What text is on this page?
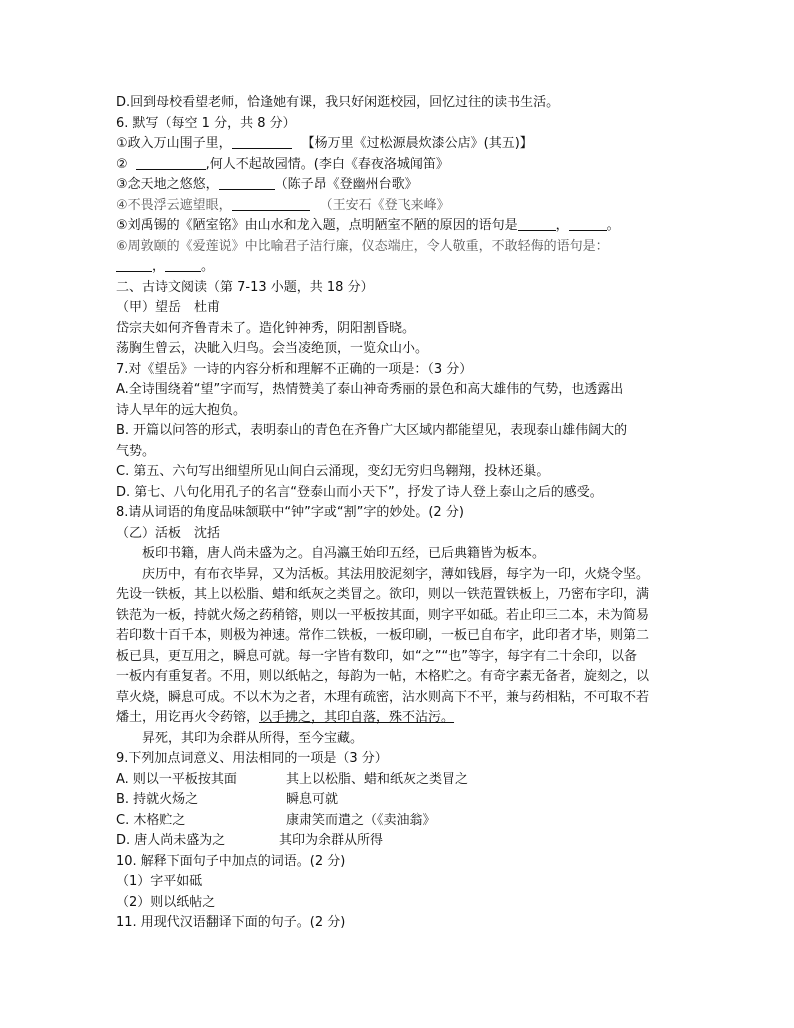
D.回到母校看望老师，恰逢她有课，我只好闲逛校园，回忆过往的读书生活。
6. 默写（每空 1 分，共 8 分）
①政入万山围子里，	【杨万里《过松源晨炊漆公店》(其五)】
②	,何人不起故园情。(李白《春夜洛城闻笛》
③念天地之悠悠，	（陈子昂《登幽州台歌》
④不畏浮云遮望眼，	（王安石《登飞来峰》
⑤刘禹锡的《陋室铭》由山水和龙入题，点明陋室不陋的原因的语句是	，	。
⑥周敦颐的《爱莲说》中比喻君子洁行廉，仪态端庄，令人敬重，不敢轻侮的语句是：
，	。
二、古诗文阅读（第 7-13 小题，共 18 分）
（甲）望岳　杜甫
岱宗夫如何齐鲁青未了。造化钟神秀，阴阳割昏晓。
荡胸生曾云，决眦入归鸟。会当凌绝顶，一览众山小。
7.对《望岳》一诗的内容分析和理解不正确的一项是：（3 分）
A.全诗围绕着“望”字而写，热情赞美了泰山神奇秀丽的景色和高大雄伟的气势，也透露出
诗人早年的远大抱负。
B. 开篇以问答的形式，表明泰山的青色在齐鲁广大区域内都能望见，表现泰山雄伟阔大的
气势。
C. 第五、六句写出细望所见山间白云涌现，变幻无穷归鸟翱翔，投林还巢。
D. 第七、八句化用孔子的名言“登泰山而小天下”，抒发了诗人登上泰山之后的感受。
8.请从词语的角度品味颔联中“钟”字或“割”字的妙处。(2 分)
（乙）活板　沈括
板印书籍，唐人尚未盛为之。自冯瀛王始印五经，已后典籍皆为板本。
庆历中，有布衣毕昇，又为活板。其法用胶泥刻字，薄如钱唇，每字为一印，火烧令坚。
先设一铁板，其上以松脂、蜡和纸灰之类冒之。欲印，则以一铁范置铁板上，乃密布字印，满
铁范为一板，持就火炀之药稍镕，则以一平板按其面，则字平如砥。若止印三二本，未为简易
若印数十百千本，则极为神速。常作二铁板，一板印刷，一板已自布字，此印者才毕，则第二
板已具，更互用之，瞬息可就。每一字皆有数印，如“之”“也”等字，每字有二十余印，以备
一板内有重复者。不用，则以纸帖之，每韵为一帖，木格贮之。有奇字素无备者，旋刻之，以
草火烧，瞬息可成。不以木为之者，木理有疏密，沾水则高下不平，兼与药相粘，不可取不若
燔土，用讫再火令药镕，以手拂之，其印自落，殊不沾污。
昇死，其印为余群从所得，至今宝藏。
9.下列加点词意义、用法相同的一项是（3 分）
A. 则以一平板按其面	其上以松脂、蜡和纸灰之类冒之
B. 持就火炀之	瞬息可就
C. 木格贮之	康肃笑而遣之（《卖油翁》
D. 唐人尚未盛为之	其印为余群从所得
10. 解释下面句子中加点的词语。(2 分)
（1）字平如砥
（2）则以纸帖之
11. 用现代汉语翻译下面的句子。(2 分)
